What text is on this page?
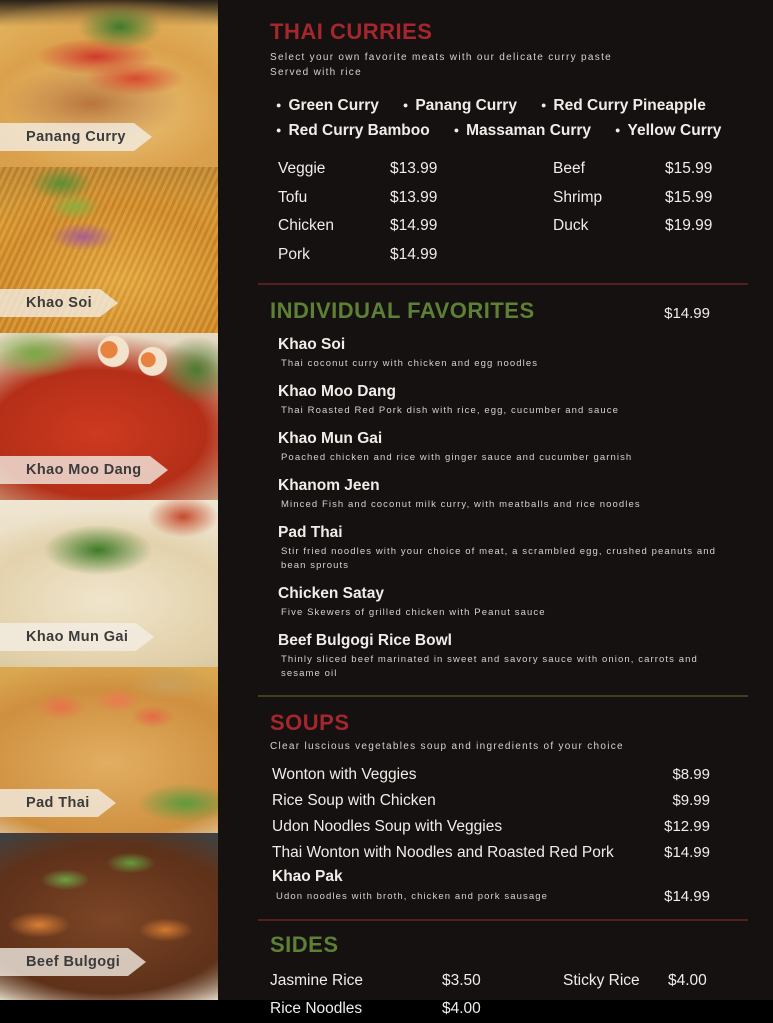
Panang Curry
Khao Soi
Khao Moo Dang
Khao Mun Gai
Pad Thai
Beef Bulgogi
THAI CURRIES

Select your own favorite meats with our delicate curry paste

Served with rice

● Green Curry	● Panang Curry	● Red Curry Pineapple
● Red Curry Bamboo	● Massaman Curry	● Yellow Curry
Veggie	$13.99
Tofu	$13.99
Chicken	$14.99
Pork	$14.99
Beef	$15.99
Shrimp	$15.99
Duck	$19.99
INDIVIDUAL FAVORITES	$14.99
Khao Soi
Thai coconut curry with chicken and egg noodles
Khao Moo Dang
Thai Roasted Red Pork dish with rice, egg, cucumber and sauce
Khao Mun Gai
Poached chicken and rice with ginger sauce and cucumber garnish
Khanom Jeen
Minced Fish and coconut milk curry, with meatballs and rice noodles
Pad Thai
Stir fried noodles with your choice of meat, a scrambled egg, crushed peanuts and bean sprouts
Chicken Satay
Five Skewers of grilled chicken with Peanut sauce
Beef Bulgogi Rice Bowl
Thinly sliced beef marinated in sweet and savory sauce with onion, carrots and sesame oil
SOUPS

Clear luscious vegetables soup and ingredients of your choice

Wonton with Veggies	$8.99
Rice Soup with Chicken	$9.99
Udon Noodles Soup with Veggies	$12.99
Thai Wonton with Noodles and Roasted Red Pork	$14.99
Khao Pak
Udon noodles with broth, chicken and pork sausage	$14.99
SIDES
Jasmine Rice	$3.50
Rice Noodles	$4.00
Sticky Rice	$4.00
